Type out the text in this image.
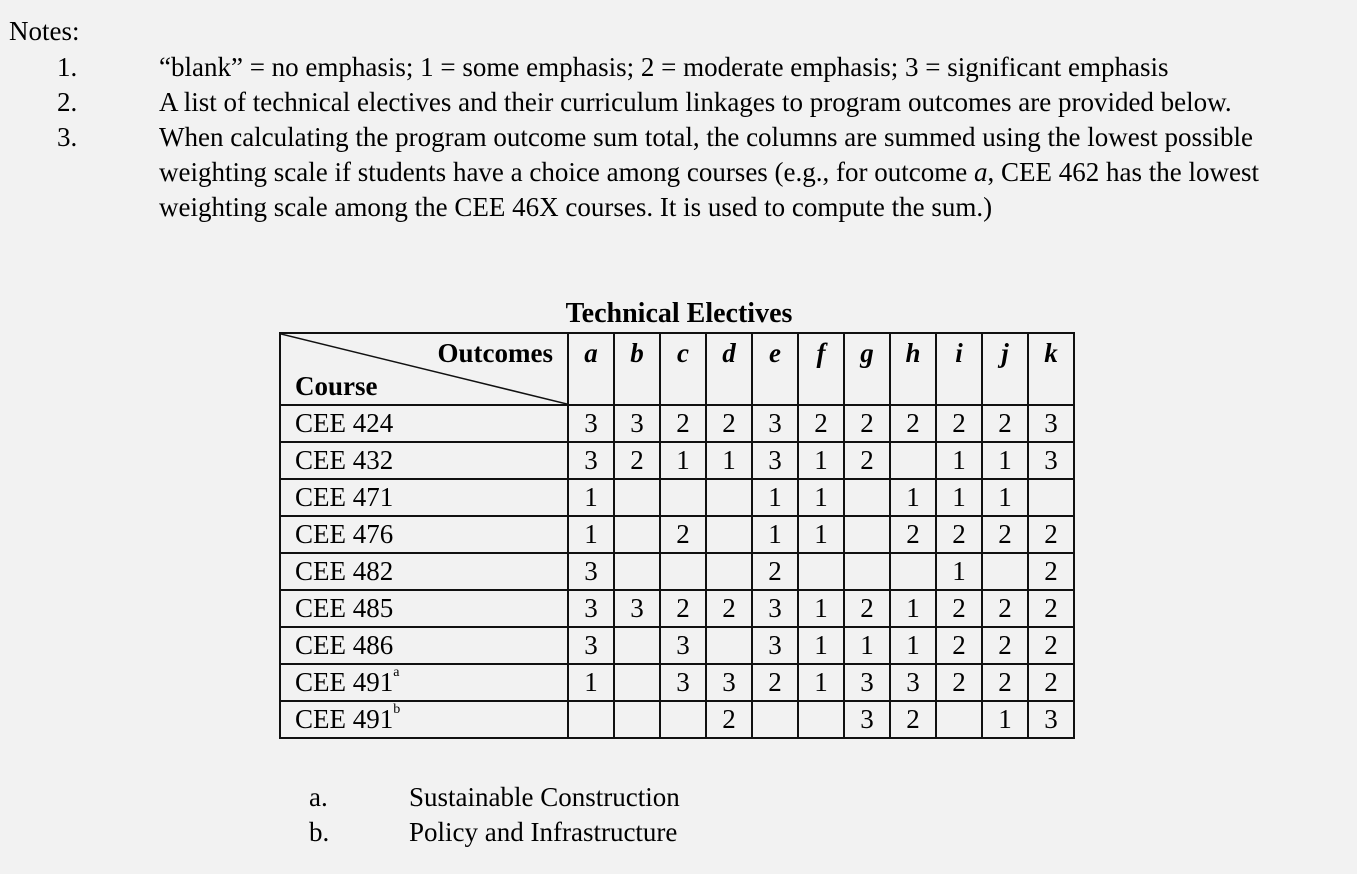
Notes:
1.	“blank” = no emphasis; 1 = some emphasis; 2 = moderate emphasis; 3 = significant emphasis
2.	A list of technical electives and their curriculum linkages to program outcomes are provided below.
3.	When calculating the program outcome sum total, the columns are summed using the lowest possible weighting scale if students have a choice among courses (e.g., for outcome a, CEE 462 has the lowest weighting scale among the CEE 46X courses. It is used to compute the sum.)
Technical Electives
Outcomes
Course	a	b	c	d	e	f	g	h	i	j	k
CEE 424	3	3	2	2	3	2	2	2	2	2	3
CEE 432	3	2	1	1	3	1	2		1	1	3
CEE 471	1				1	1		1	1	1	
CEE 476	1		2		1	1		2	2	2	2
CEE 482	3				2				1		2
CEE 485	3	3	2	2	3	1	2	1	2	2	2
CEE 486	3		3		3	1	1	1	2	2	2
CEE 491$^a$	1		3	3	2	1	3	3	2	2	2
CEE 491$^b$				2			3	2		1	3
a.	Sustainable Construction
b.	Policy and Infrastructure
